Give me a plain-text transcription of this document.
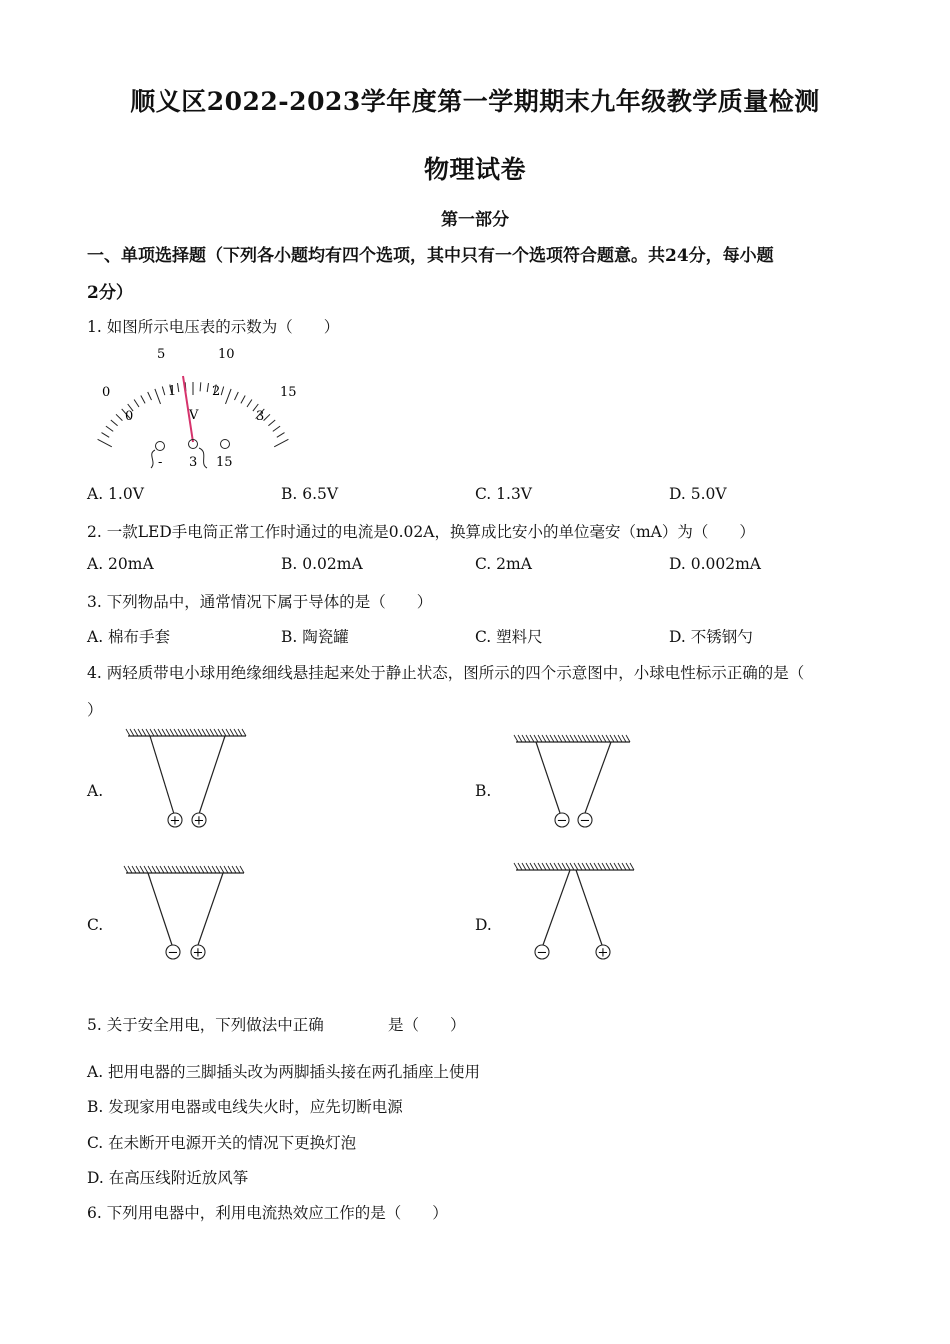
顺义区2022-2023学年度第一学期期末九年级教学质量检测
物理试卷
第一部分
一、单项选择题（下列各小题均有四个选项，其中只有一个选项符合题意。共24分，每小题
2分）
1. 如图所示电压表的示数为（　　）
0
5	10
15
0
1	2
3
V
- 3 15
A. 1.0V	B. 6.5V	C. 1.3V	D. 5.0V
2. 一款LED手电筒正常工作时通过的电流是0.02A，换算成比安小的单位毫安（mA）为（　　）
A. 20mA	B. 0.02mA	C. 2mA	D. 0.002mA
3. 下列物品中，通常情况下属于导体的是（　　）
A. 棉布手套	B. 陶瓷罐	C. 塑料尺	D. 不锈钢勺
4. 两轻质带电小球用绝缘细线悬挂起来处于静止状态，图所示的四个示意图中，小球电性标示正确的是（
）
A.	B.
C.	D.
+ +	− −
− +	−	+
5. 关于安全用电，下列做法中正确	是（　　）
A. 把用电器的三脚插头改为两脚插头接在两孔插座上使用
B. 发现家用电器或电线失火时，应先切断电源
C. 在未断开电源开关的情况下更换灯泡
D. 在高压线附近放风筝
6. 下列用电器中，利用电流热效应工作的是（　　）
